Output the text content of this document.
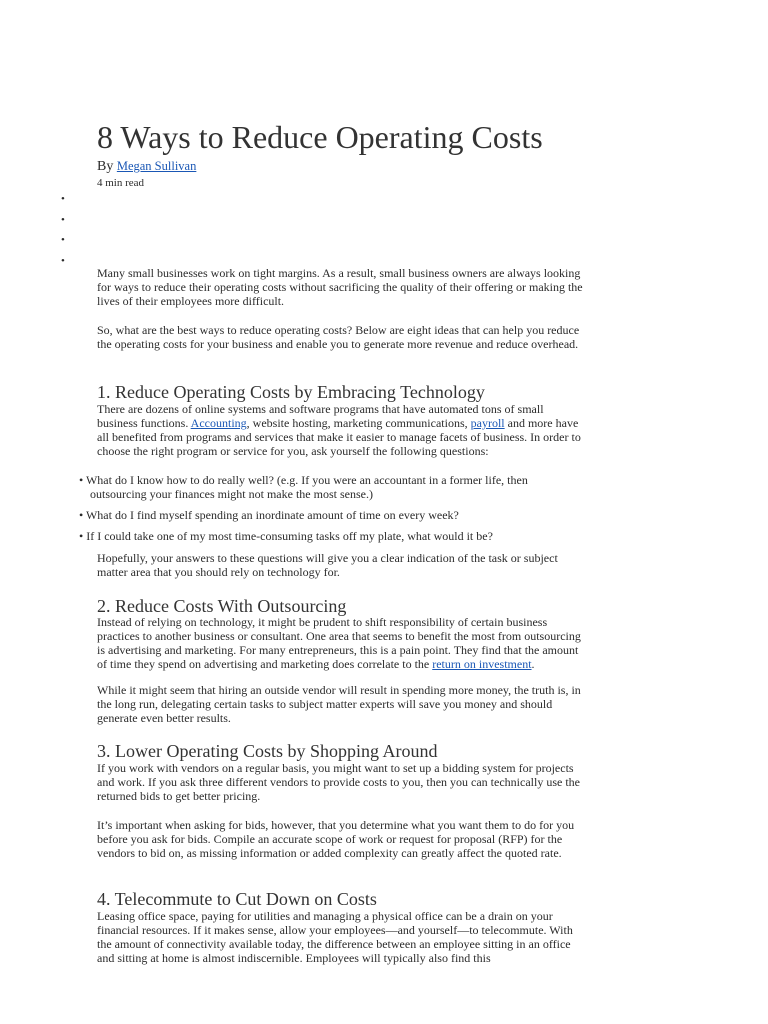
8 Ways to Reduce Operating Costs
By Megan Sullivan
4 min read
•
•
•
•

Many small businesses work on tight margins. As a result, small business owners are always looking for ways to reduce their operating costs without sacrificing the quality of their offering or making the lives of their employees more difficult.

So, what are the best ways to reduce operating costs? Below are eight ideas that can help you reduce the operating costs for your business and enable you to generate more revenue and reduce overhead.

1. Reduce Operating Costs by Embracing Technology

There are dozens of online systems and software programs that have automated tons of small business functions. Accounting, website hosting, marketing communications, payroll and more have all benefited from programs and services that make it easier to manage facets of business. In order to choose the right program or service for you, ask yourself the following questions:

• What do I know how to do really well? (e.g. If you were an accountant in a former life, then outsourcing your finances might not make the most sense.)
• What do I find myself spending an inordinate amount of time on every week?
• If I could take one of my most time-consuming tasks off my plate, what would it be?

Hopefully, your answers to these questions will give you a clear indication of the task or subject matter area that you should rely on technology for.

2. Reduce Costs With Outsourcing

Instead of relying on technology, it might be prudent to shift responsibility of certain business practices to another business or consultant. One area that seems to benefit the most from outsourcing is advertising and marketing. For many entrepreneurs, this is a pain point. They find that the amount of time they spend on advertising and marketing does correlate to the return on investment.

While it might seem that hiring an outside vendor will result in spending more money, the truth is, in the long run, delegating certain tasks to subject matter experts will save you money and should generate even better results.

3. Lower Operating Costs by Shopping Around

If you work with vendors on a regular basis, you might want to set up a bidding system for projects and work. If you ask three different vendors to provide costs to you, then you can technically use the returned bids to get better pricing.

It’s important when asking for bids, however, that you determine what you want them to do for you before you ask for bids. Compile an accurate scope of work or request for proposal (RFP) for the vendors to bid on, as missing information or added complexity can greatly affect the quoted rate.

4. Telecommute to Cut Down on Costs

Leasing office space, paying for utilities and managing a physical office can be a drain on your financial resources. If it makes sense, allow your employees—and yourself—to telecommute. With the amount of connectivity available today, the difference between an employee sitting in an office and sitting at home is almost indiscernible. Employees will typically also find this
